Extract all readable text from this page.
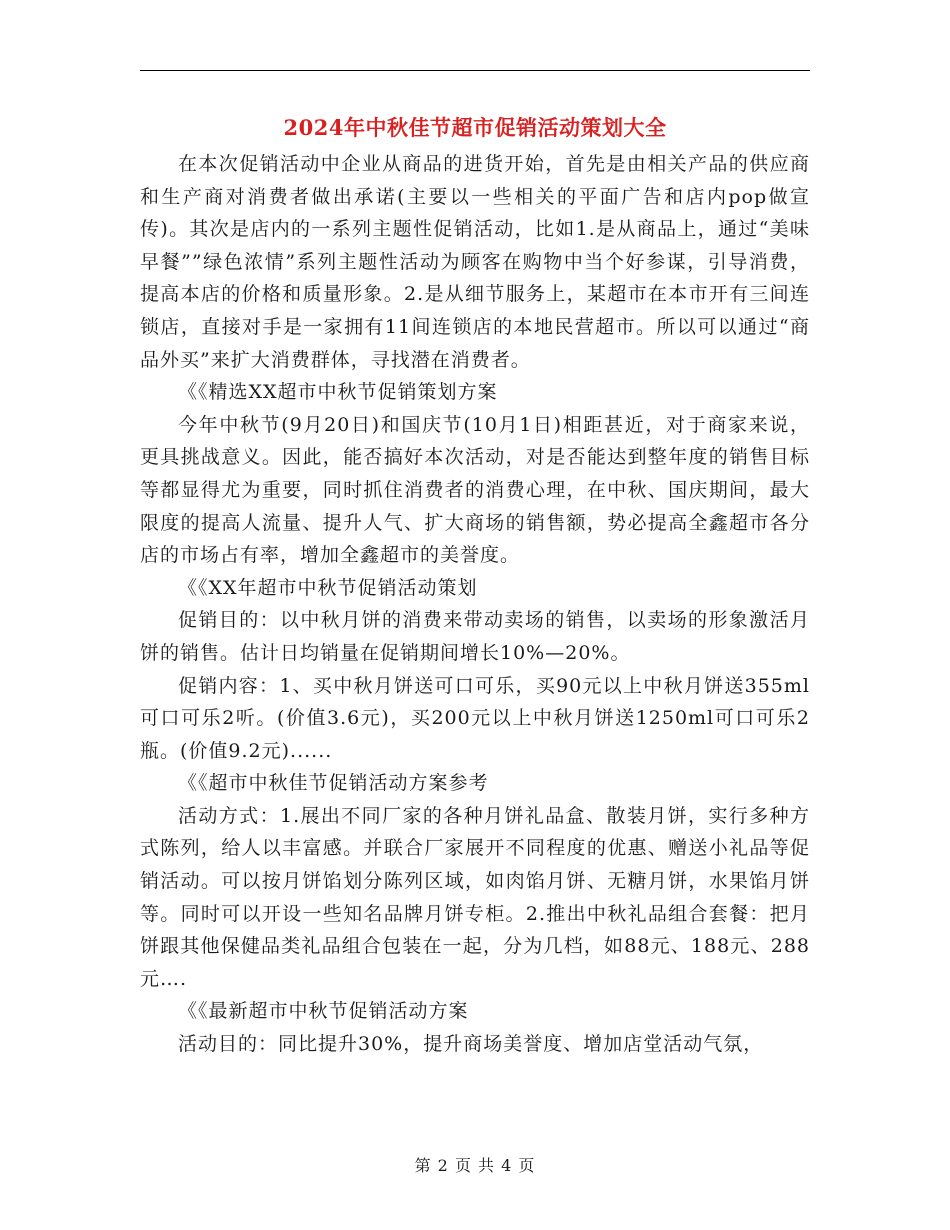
2024年中秋佳节超市促销活动策划大全

在本次促销活动中企业从商品的进货开始，首先是由相关产品的供应商和生产商对消费者做出承诺(主要以一些相关的平面广告和店内pop做宣传)。其次是店内的一系列主题性促销活动，比如1.是从商品上，通过“美味早餐””绿色浓情”系列主题性活动为顾客在购物中当个好参谋，引导消费，提高本店的价格和质量形象。2.是从细节服务上，某超市在本市开有三间连锁店，直接对手是一家拥有11间连锁店的本地民营超市。所以可以通过“商品外买”来扩大消费群体，寻找潜在消费者。

《《精选XX超市中秋节促销策划方案

今年中秋节(9月20日)和国庆节(10月1日)相距甚近，对于商家来说，更具挑战意义。因此，能否搞好本次活动，对是否能达到整年度的销售目标等都显得尤为重要，同时抓住消费者的消费心理，在中秋、国庆期间，最大限度的提高人流量、提升人气、扩大商场的销售额，势必提高全鑫超市各分店的市场占有率，增加全鑫超市的美誉度。

《《XX年超市中秋节促销活动策划

促销目的：以中秋月饼的消费来带动卖场的销售，以卖场的形象激活月饼的销售。估计日均销量在促销期间增长10%—20%。

促销内容：1、买中秋月饼送可口可乐，买90元以上中秋月饼送355ml可口可乐2听。(价值3.6元)，买200元以上中秋月饼送1250ml可口可乐2瓶。(价值9.2元)......

《《超市中秋佳节促销活动方案参考

活动方式：1.展出不同厂家的各种月饼礼品盒、散装月饼，实行多种方式陈列，给人以丰富感。并联合厂家展开不同程度的优惠、赠送小礼品等促销活动。可以按月饼馅划分陈列区域，如肉馅月饼、无糖月饼，水果馅月饼等。同时可以开设一些知名品牌月饼专柜。2.推出中秋礼品组合套餐：把月饼跟其他保健品类礼品组合包装在一起，分为几档，如88元、188元、288元….

《《最新超市中秋节促销活动方案

活动目的：同比提升30%，提升商场美誉度、增加店堂活动气氛，

第 2 页 共 4 页
